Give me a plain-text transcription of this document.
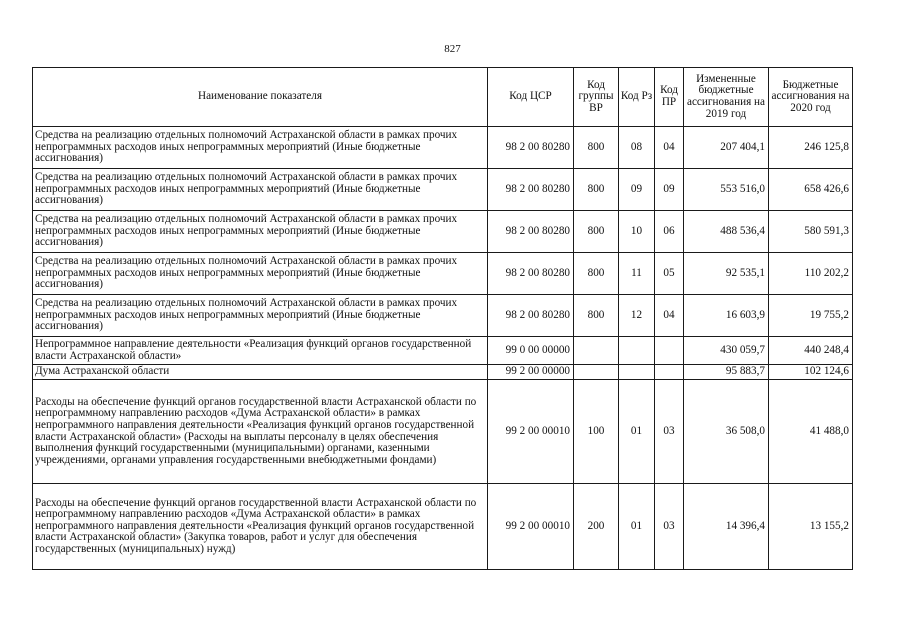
827
Наименование показателя	Код ЦСР	Код группы ВР	Код Рз	Код ПР	Измененные бюджетные ассигнования на 2019 год	Бюджетные ассигнования на 2020 год
Средства на реализацию отдельных полномочий Астраханской области в рамках прочих непрограммных расходов иных непрограммных мероприятий (Иные бюджетные ассигнования)	98 2 00 80280	800	08	04	207 404,1	246 125,8
Средства на реализацию отдельных полномочий Астраханской области в рамках прочих непрограммных расходов иных непрограммных мероприятий (Иные бюджетные ассигнования)	98 2 00 80280	800	09	09	553 516,0	658 426,6
Средства на реализацию отдельных полномочий Астраханской области в рамках прочих непрограммных расходов иных непрограммных мероприятий (Иные бюджетные ассигнования)	98 2 00 80280	800	10	06	488 536,4	580 591,3
Средства на реализацию отдельных полномочий Астраханской области в рамках прочих непрограммных расходов иных непрограммных мероприятий (Иные бюджетные ассигнования)	98 2 00 80280	800	11	05	92 535,1	110 202,2
Средства на реализацию отдельных полномочий Астраханской области в рамках прочих непрограммных расходов иных непрограммных мероприятий (Иные бюджетные ассигнования)	98 2 00 80280	800	12	04	16 603,9	19 755,2
Непрограммное направление деятельности «Реализация функций органов государственной власти Астраханской области»	99 0 00 00000				430 059,7	440 248,4
Дума Астраханской области	99 2 00 00000				95 883,7	102 124,6
Расходы на обеспечение функций органов государственной власти Астраханской области по непрограммному направлению расходов «Дума Астраханской области» в рамках непрограммного направления деятельности «Реализация функций органов государственной власти Астраханской области» (Расходы на выплаты персоналу в целях обеспечения выполнения функций государственными (муниципальными) органами, казенными учреждениями, органами управления государственными внебюджетными фондами)	99 2 00 00010	100	01	03	36 508,0	41 488,0
Расходы на обеспечение функций органов государственной власти Астраханской области по непрограммному направлению расходов «Дума Астраханской области» в рамках непрограммного направления деятельности «Реализация функций органов государственной власти Астраханской области» (Закупка товаров, работ и услуг для обеспечения государственных (муниципальных) нужд)	99 2 00 00010	200	01	03	14 396,4	13 155,2
